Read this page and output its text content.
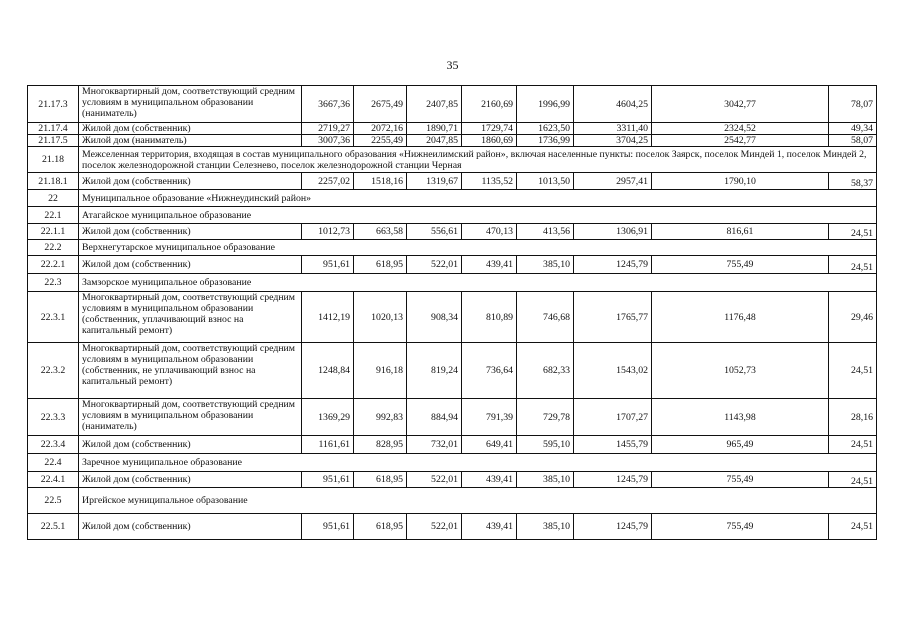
35
21.17.3	Многоквартирный дом, соответствующий средним условиям в муниципальном образовании (наниматель)	3667,36	2675,49	2407,85	2160,69	1996,99	4604,25	3042,77	78,07
21.17.4	Жилой дом (собственник)	2719,27	2072,16	1890,71	1729,74	1623,50	3311,40	2324,52	49,34
21.17.5	Жилой дом (наниматель)	3007,36	2255,49	2047,85	1860,69	1736,99	3704,25	2542,77	58,07
21.18	Межселенная территория, входящая в состав муниципального образования «Нижнеилимский район», включая населенные пункты: поселок Заярск, поселок Миндей 1, поселок Миндей 2, поселок железнодорожной станции Селезнево, поселок железнодорожной станции Черная								
21.18.1	Жилой дом (собственник)	2257,02	1518,16	1319,67	1135,52	1013,50	2957,41	1790,10	58,37
22	Муниципальное образование «Нижнеудинский район»								
22.1	Атагайское муниципальное образование								
22.1.1	Жилой дом (собственник)	1012,73	663,58	556,61	470,13	413,56	1306,91	816,61	24,51
22.2	Верхнегутарское муниципальное образование								
22.2.1	Жилой дом (собственник)	951,61	618,95	522,01	439,41	385,10	1245,79	755,49	24,51
22.3	Замзорское муниципальное образование								
22.3.1	Многоквартирный дом, соответствующий средним условиям в муниципальном образовании (собственник, уплачивающий взнос на капитальный ремонт)	1412,19	1020,13	908,34	810,89	746,68	1765,77	1176,48	29,46
22.3.2	Многоквартирный дом, соответствующий средним условиям в муниципальном образовании (собственник, не уплачивающий взнос на капитальный ремонт)	1248,84	916,18	819,24	736,64	682,33	1543,02	1052,73	24,51
22.3.3	Многоквартирный дом, соответствующий средним условиям в муниципальном образовании (наниматель)	1369,29	992,83	884,94	791,39	729,78	1707,27	1143,98	28,16
22.3.4	Жилой дом (собственник)	1161,61	828,95	732,01	649,41	595,10	1455,79	965,49	24,51
22.4	Заречное муниципальное образование								
22.4.1	Жилой дом (собственник)	951,61	618,95	522,01	439,41	385,10	1245,79	755,49	24,51
22.5	Иргейское муниципальное образование								
22.5.1	Жилой дом (собственник)	951,61	618,95	522,01	439,41	385,10	1245,79	755,49	24,51
